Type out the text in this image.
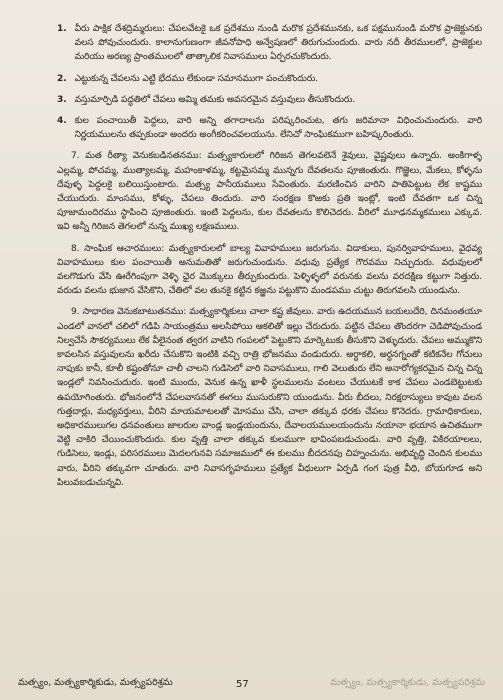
1. వీరు పాక్షిక దేశద్రిమ్మరులు: చేపలవేటకై ఒక ప్రదేశము నుండి మరొక ప్రదేశమునకు, ఒక పక్షమునుండి మరొక ప్రాజెక్టునకు వలస పోవుచుందురు. కాలానుగుణంగా జీవనోపాధి అన్వేషణలో తిరుగుచుందురు. వారు నదీ తీరములలో, ప్రాజెక్టుల మరియు అరణ్య ప్రాంతములలో తాత్కాలిక నివాసములు ఏర్పరచుకొందురు.
2. ఎట్టుకున్న చేపలను ఎట్టి భేదము లేకుండా సమానముగా పంచుకొందురు.
3. వస్తుమార్పిడి పద్ధతిలో చేపలు అమ్మి తమకు అవసరమైన వస్తువులు తీసుకొందురు.
4. కుల పంచాయితీ పెద్దలు, వారి అన్ని తగాదాలను పరిష్కరించుట, తగు జరిమానా విధించుచుందురు. వారి నిర్ణయములను తప్పకుండా అందరు అంగీకరించవలయును. లేనిచో సాంఘికముగా బహిష్కరింతురు.
7. మత రీత్యా వెనుకబడినతనము: మత్స్యకారులలో గిరిజన తెగలవలెనే శైవులు, వైష్ణవులు ఉన్నారు. అంకిగాళ్ళ ఎల్లమ్మ, పోచమ్మ, ముత్యాలమ్మ, మహంకాళమ్మ, కట్టమైసమ్మ మున్నగు దేవతలను పూజింతురు. గొఱ్ఱెలు, మేకలు, కోళ్ళను దేవుళ్ళ పెద్దలకై బలియిస్తుంటారు. మత్స్య పానీయములు సేవింతురు. మరణించిన వారిని పాతిపెట్టుట లేక కాష్టము చేయుదురు. మాంసము, కోళ్ళు, చేపలు తిందురు. వారి సంరక్షణ కొఱకు ప్రతి ఇంట్లో, ఇంటి దేవతగా ఒక చిన్న పూజామందిరము స్థాపించి పూజింతురు. ఇంటి పెద్దలను, కుల దేవతలను కొలిచెదరు. వీరిలో మూఢనమ్మకములు ఎక్కువ. ఇవి అన్నీ గిరిజన తెగలలో నున్న ముఖ్య లక్షణములు.
8. సాంఘిక ఆచారములు: మత్స్యకారులలో బాల్య వివాహములు జరుగును. విడాకులు, పునర్వివాహములు, వైధవ్య వివాహములు కుల పంచాయితీ అనుమతితో జరుగుచుండును. వధువు ప్రత్యేక గౌరవము నిచ్చుదురు. వధువులలో వలగొడుగు వేసి ఊరేగింపుగా వెళ్ళి ఛైర మొక్కులు తీర్చుకుందురు. పెళ్ళిళ్ళలో వరునకు వలను వరదక్షిణ కట్టుగా నిత్తురు. వరుడు వలను భుజాన వేసికొని, చేతిలో వల తునకై కట్టిన కఱ్ఱను పట్టుకొని మండపము చుట్టు తిరుగవలసి యుండును.
9. సాధారణ వెనుకబాటుతనము: మత్స్యకార్మికులు చాలా కష్ట జీవులు. వారు ఉదయమున బయలుదేరి, దినమంతయూ ఎండలో వానలో చలిలో గడిపి సాయంత్రము అలసిపోయి ఆకలితో ఇల్లు చేరుదురు. పట్టిన చేపలు తొందరగా చెడిపోవుచుండ నిల్వచేసే సౌకర్యములు లేక వీలైనంత త్వరగ వాటిని గంపలలో పెట్టుకొని మార్కెటుకు తీసుకొని వెళ్ళుదురు. చేపలు అమ్ముకొని కావలసిన వస్తువులను ఖరీదు చేసుకొని ఇంటికి వచ్చి రాత్రి భోజనము వండుదురు. అర్ధాకలి, అర్ధనగ్నంతో కటికనేల గోచులు నాపుకు కానీ, కూలీ కష్టంతోనూ చాలీ చాలని గుడిసెలో వారి నివాసములు, గాలి వెలుతురు లేని అనారోగ్యకరమైన చిన్న చిన్న ఇండ్లలో నివసించుదురు. ఇంటి ముందు, వెనుక ఉన్న ఖాళీ స్థలములను వంటలు చేయుటకే కాక చేపలు ఎండబెట్టుటకు ఉపయోగింతురు. భోజనంలోనే చేపలవాసనతో ఈగలు ముసురుకొని యుండును. వీరు బీదలు, నిరక్షరాస్యులు కావుట వలన గుత్తదార్లు, మధ్యవర్తులు, వీరిని మాయమాటలతో మోసము చేసి, చాలా తక్కువ ధరకు చేపలు కొనెదరు. గ్రామాధికారులు, అధికారములుగల ధనవంతులు జాలరుల వాండ్ల ఇండ్లయందును, దేవాలయములయందును నయానా భయాన ఉచితముగా వెట్టి చాకిరి చేయించుకొందురు. కుల వృత్తి చాలా తక్కువ కులముగా భావింపబడుచుండు. వారి వృత్తి, వికిరయాలలు, గుడిసెలు, ఇండ్లు, పరిసరములు మెదలగునవి సమాజములో ఈ కులము బీదదనపు చిహ్నంచును. అభివృద్ధి చెందిన కులము వారు, వీరిని తక్కువగా చూతురు. వారి నివాసగృహములు ప్రత్యేక వీధులుగా ఏర్పడి గంగ పుత్ర వీధి, బోయగూడ అని పిలువబడుచున్నవి.
మత్స్యం, మత్స్యకార్మికుడు, మత్స్యపరిశ్రమ	57	మత్స్యం, మత్స్యకార్మికుడు, మత్స్యపరిశ్రమ
